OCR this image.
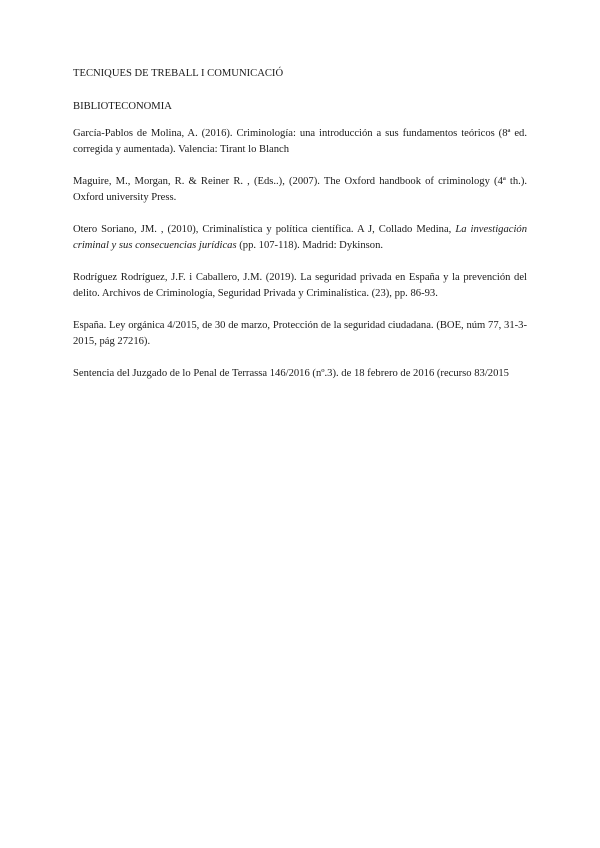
TECNIQUES DE TREBALL I COMUNICACIÓ
BIBLIOTECONOMIA

García-Pablos de Molina, A. (2016). Criminología: una introducción a sus fundamentos teóricos (8ª ed. corregida y aumentada). Valencia: Tirant lo Blanch

Maguire, M., Morgan, R. & Reiner R. , (Eds..), (2007). The Oxford handbook of criminology (4ª th.). Oxford university Press.

Otero Soriano, JM. , (2010), Criminalística y política científica. A J, Collado Medina, La investigación criminal y sus consecuencias jurídicas (pp. 107-118). Madrid: Dykinson.

Rodríguez Rodríguez, J.F. i Caballero, J.M. (2019). La seguridad privada en España y la prevención del delito. Archivos de Criminología, Seguridad Privada y Criminalística. (23), pp. 86-93.

España. Ley orgánica 4/2015, de 30 de marzo, Protección de la seguridad ciudadana. (BOE, núm 77, 31-3-2015, pág 27216).

Sentencia del Juzgado de lo Penal de Terrassa 146/2016 (nº.3). de 18 febrero de 2016 (recurso 83/2015
